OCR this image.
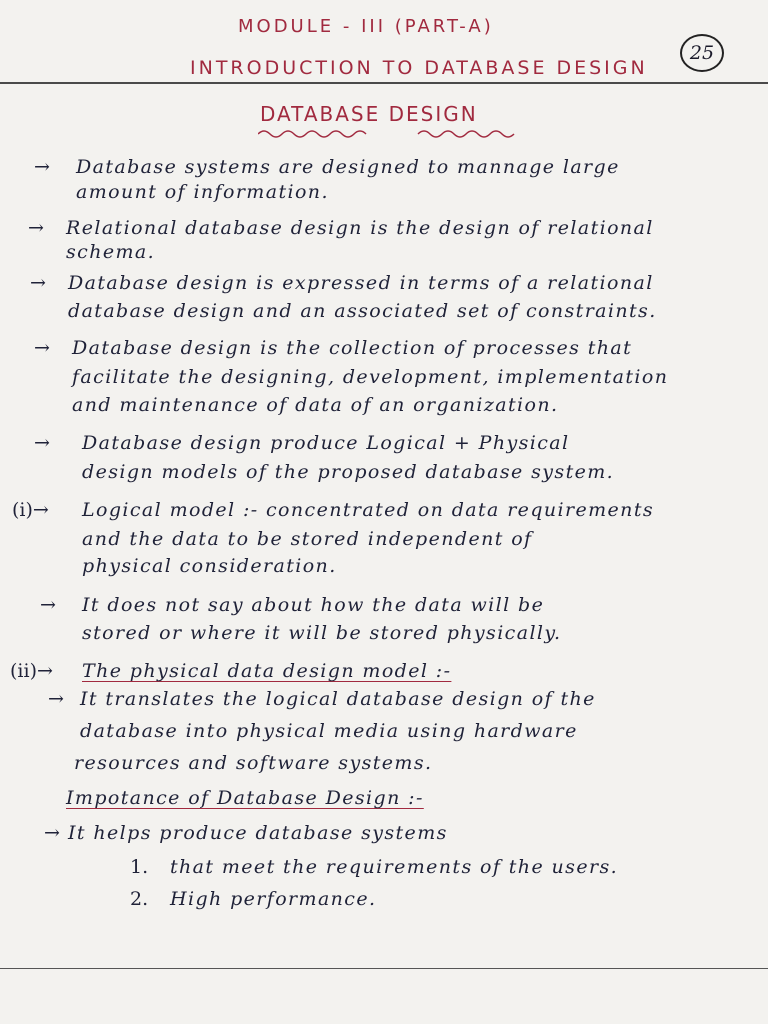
MODULE - III (PART-A)
INTRODUCTION TO DATABASE DESIGN
25
DATABASE DESIGN
→ Database systems are designed to mannage large
amount of information.
→ Relational database design is the design of relational
schema.
→ Database design is expressed in terms of a relational
database design and an associated set of constraints.
→ Database design is the collection of processes that
facilitate the designing, development, implementation
and maintenance of data of an organization.
→ Database design produce Logical + Physical
design models of the proposed database system.
(i)→ Logical model :- concentrated on data requirements
and the data to be stored independent of
physical consideration.
→ It does not say about how the data will be
stored or where it will be stored physically.
(ii)→ The physical data design model :-
→ It translates the logical database design of the
database into physical media using hardware
resources and software systems.
Impotance of Database Design :-
→ It helps produce database systems
1. that meet the requirements of the users.
2. High performance.
